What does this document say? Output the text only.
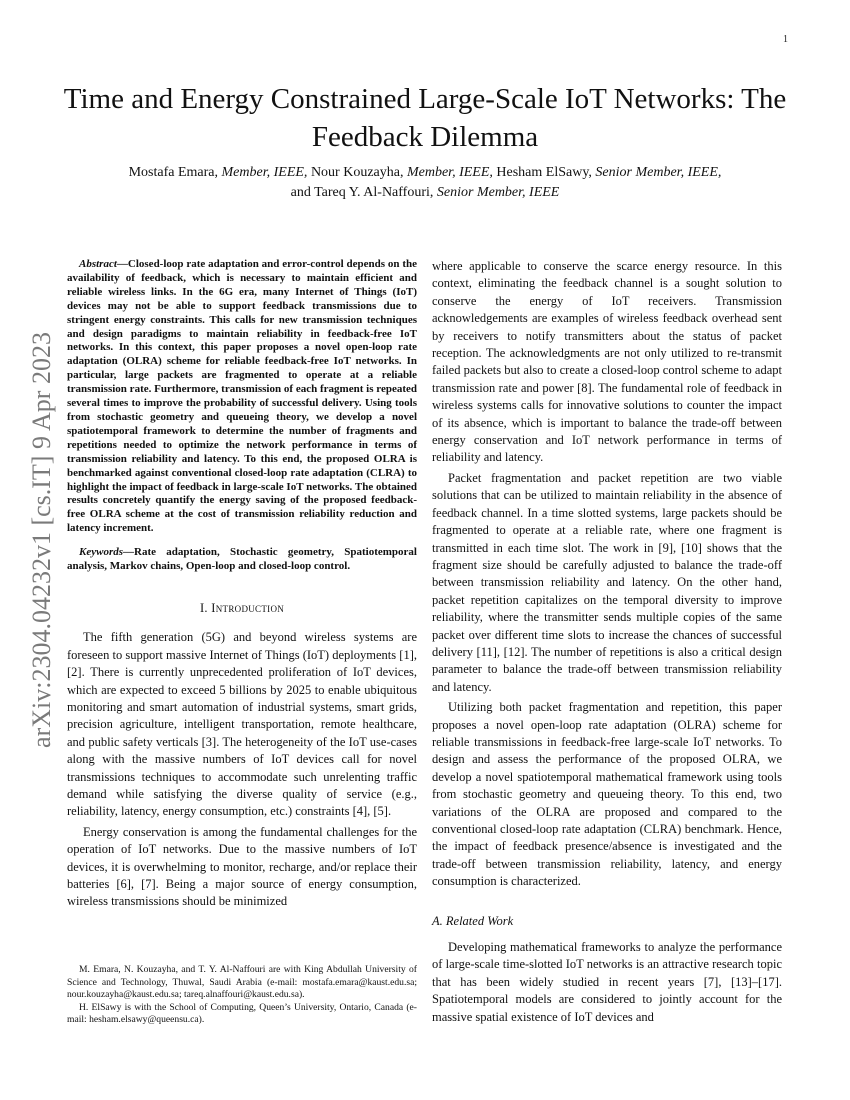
1
arXiv:2304.04232v1 [cs.IT] 9 Apr 2023
Time and Energy Constrained Large-Scale IoT Networks: The Feedback Dilemma
Mostafa Emara, Member, IEEE, Nour Kouzayha, Member, IEEE, Hesham ElSawy, Senior Member, IEEE,
and Tareq Y. Al-Naffouri, Senior Member, IEEE

Abstract—Closed-loop rate adaptation and error-control depends on the availability of feedback, which is necessary to maintain efficient and reliable wireless links. In the 6G era, many Internet of Things (IoT) devices may not be able to support feedback transmissions due to stringent energy constraints. This calls for new transmission techniques and design paradigms to maintain reliability in feedback-free IoT networks. In this context, this paper proposes a novel open-loop rate adaptation (OLRA) scheme for reliable feedback-free IoT networks. In particular, large packets are fragmented to operate at a reliable transmission rate. Furthermore, transmission of each fragment is repeated several times to improve the probability of successful delivery. Using tools from stochastic geometry and queueing theory, we develop a novel spatiotemporal framework to determine the number of fragments and repetitions needed to optimize the network performance in terms of transmission reliability and latency. To this end, the proposed OLRA is benchmarked against conventional closed-loop rate adaptation (CLRA) to highlight the impact of feedback in large-scale IoT networks. The obtained results concretely quantify the energy saving of the proposed feedback-free OLRA scheme at the cost of transmission reliability reduction and latency increment.

Keywords—Rate adaptation, Stochastic geometry, Spatiotemporal analysis, Markov chains, Open-loop and closed-loop control.

I. Introduction

The fifth generation (5G) and beyond wireless systems are foreseen to support massive Internet of Things (IoT) deployments [1], [2]. There is currently unprecedented proliferation of IoT devices, which are expected to exceed 5 billions by 2025 to enable ubiquitous monitoring and smart automation of industrial systems, smart grids, precision agriculture, intelligent transportation, remote healthcare, and public safety verticals [3]. The heterogeneity of the IoT use-cases along with the massive numbers of IoT devices call for novel transmissions techniques to accommodate such unrelenting traffic demand while satisfying the diverse quality of service (e.g., reliability, latency, energy consumption, etc.) constraints [4], [5].

Energy conservation is among the fundamental challenges for the operation of IoT networks. Due to the massive numbers of IoT devices, it is overwhelming to monitor, recharge, and/or replace their batteries [6], [7]. Being a major source of energy consumption, wireless transmissions should be minimized

where applicable to conserve the scarce energy resource. In this context, eliminating the feedback channel is a sought solution to conserve the energy of IoT receivers. Transmission acknowledgements are examples of wireless feedback overhead sent by receivers to notify transmitters about the status of packet reception. The acknowledgments are not only utilized to re-transmit failed packets but also to create a closed-loop control scheme to adapt transmission rate and power [8]. The fundamental role of feedback in wireless systems calls for innovative solutions to counter the impact of its absence, which is important to balance the trade-off between energy conservation and IoT network performance in terms of reliability and latency.

Packet fragmentation and packet repetition are two viable solutions that can be utilized to maintain reliability in the absence of feedback channel. In a time slotted systems, large packets should be fragmented to operate at a reliable rate, where one fragment is transmitted in each time slot. The work in [9], [10] shows that the fragment size should be carefully adjusted to balance the trade-off between transmission reliability and latency. On the other hand, packet repetition capitalizes on the temporal diversity to improve reliability, where the transmitter sends multiple copies of the same packet over different time slots to increase the chances of successful delivery [11], [12]. The number of repetitions is also a critical design parameter to balance the trade-off between transmission reliability and latency.

Utilizing both packet fragmentation and repetition, this paper proposes a novel open-loop rate adaptation (OLRA) scheme for reliable transmissions in feedback-free large-scale IoT networks. To design and assess the performance of the proposed OLRA, we develop a novel spatiotemporal mathematical framework using tools from stochastic geometry and queueing theory. To this end, two variations of the OLRA are proposed and compared to the conventional closed-loop rate adaptation (CLRA) benchmark. Hence, the impact of feedback presence/absence is investigated and the trade-off between transmission reliability, latency, and energy consumption is characterized.

A. Related Work

Developing mathematical frameworks to analyze the performance of large-scale time-slotted IoT networks is an attractive research topic that has been widely studied in recent years [7], [13]–[17]. Spatiotemporal models are considered to jointly account for the massive spatial existence of IoT devices and

M. Emara, N. Kouzayha, and T. Y. Al-Naffouri are with King Abdullah University of Science and Technology, Thuwal, Saudi Arabia (e-mail: mostafa.emara@kaust.edu.sa; nour.kouzayha@kaust.edu.sa; tareq.alnaffouri@kaust.edu.sa).

H. ElSawy is with the School of Computing, Queen’s University, Ontario, Canada (e-mail: hesham.elsawy@queensu.ca).
